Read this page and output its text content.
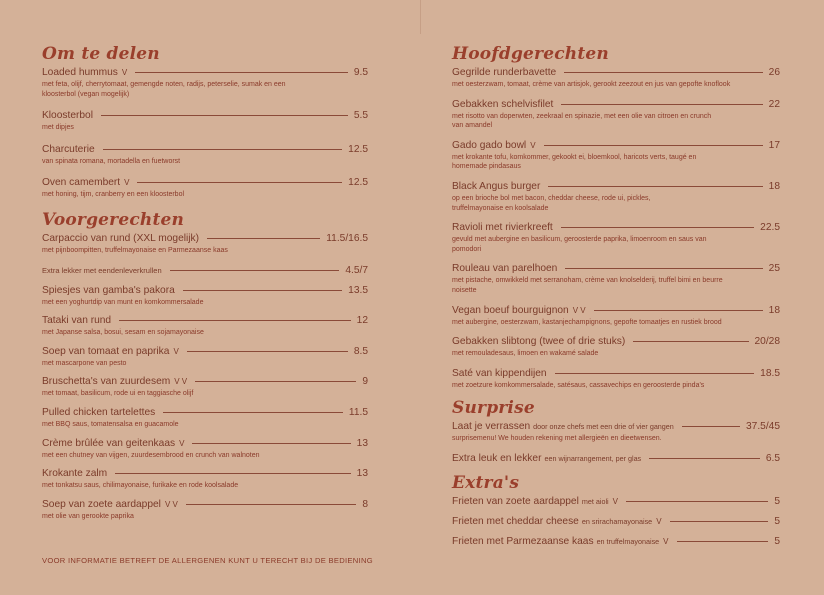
Om te delen
Loaded hummus V	9.5
met feta, olijf, cherrytomaat, gemengde noten, radijs, peterselie, sumak en een kloosterbol (vegan mogelijk)
Kloosterbol	5.5
met dipjes
Charcuterie	12.5
van spinata romana, mortadella en fuetworst
Oven camembert V	12.5
met honing, tijm, cranberry en een kloosterbol
Voorgerechten
Carpaccio van rund (XXL mogelijk)	11.5/16.5
met pijnboompitten, truffelmayonaise en Parmezaanse kaas
Extra lekker met eendenleverkrullen	4.5/7
Spiesjes van gamba's pakora	13.5
met een yoghurtdip van munt en komkommersalade
Tataki van rund	12
met Japanse salsa, bosui, sesam en sojamayonaise
Soep van tomaat en paprika V	8.5
met mascarpone van pesto
Bruschetta's van zuurdesem V V	9
met tomaat, basilicum, rode ui en taggiasche olijf
Pulled chicken tartelettes	11.5
met BBQ saus, tomatensalsa en guacamole
Crème brûlée van geitenkaas V	13
met een chutney van vijgen, zuurdesembrood en crunch van walnoten
Krokante zalm	13
met tonkatsu saus, chilimayonaise, furikake en rode koolsalade
Soep van zoete aardappel V V	8
met olie van gerookte paprika
VOOR INFORMATIE BETREFT DE ALLERGENEN KUNT U TERECHT BIJ DE BEDIENING
Hoofdgerechten
Gegrilde runderbavette	26
met oesterzwam, tomaat, crème van artisjok, gerookt zeezout en jus van gepofte knoflook
Gebakken schelvisfilet	22
met risotto van doperwten, zeekraal en spinazie, met een olie van citroen en crunch van amandel
Gado gado bowl V	17
met krokante tofu, komkommer, gekookt ei, bloemkool, haricots verts, taugé en homemade pindasaus
Black Angus burger	18
op een brioche bol met bacon, cheddar cheese, rode ui, pickles, truffelmayonaise en koolsalade
Ravioli met rivierkreeft	22.5
gevuld met aubergine en basilicum, geroosterde paprika, limoenroom en saus van pomodori
Rouleau van parelhoen	25
met pistache, omwikkeld met serranoham, crème van knolselderij, truffel bimi en beurre noisette
Vegan boeuf bourguignon V V	18
met aubergine, oesterzwam, kastanjechampignons, gepofte tomaatjes en rustiek brood
Gebakken slibtong (twee of drie stuks)	20/28
met remouladesaus, limoen en wakamé salade
Saté van kippendijen	18.5
met zoetzure komkommersalade, satésaus, cassavechips en geroosterde pinda's
Surprise
Laat je verrassen door onze chefs met een drie of vier gangen	37.5/45
surprisemenu! We houden rekening met allergieën en dieetwensen.
Extra leuk en lekker een wijnarrangement, per glas	6.5
Extra's
Frieten van zoete aardappel met aioli V	5
Frieten met cheddar cheese en srirachamayonaise V	5
Frieten met Parmezaanse kaas en truffelmayonaise V	5
